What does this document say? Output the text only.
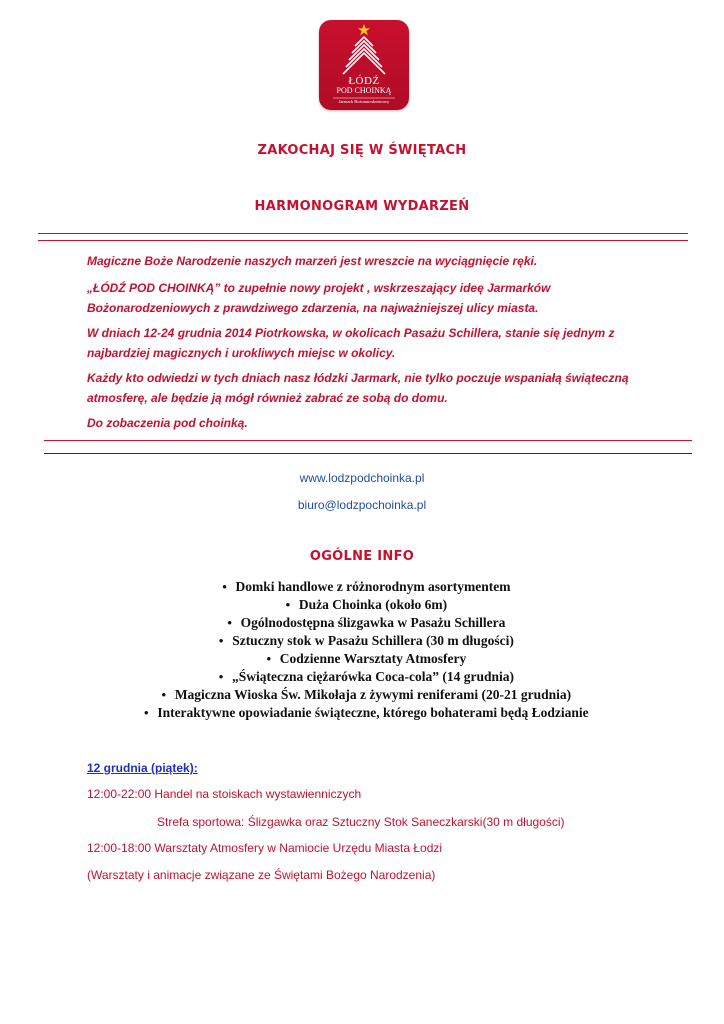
ŁÓDŹ
POD CHOINKĄ
Jarmark Bożonarodzeniowy
ZAKOCHAJ SIĘ W ŚWIĘTACH
HARMONOGRAM WYDARZEŃ

Magiczne Boże Narodzenie naszych marzeń jest wreszcie na wyciągnięcie ręki.

„ŁÓDŹ POD CHOINKĄ” to zupełnie nowy projekt , wskrzeszający ideę Jarmarków Bożonarodzeniowych z prawdziwego zdarzenia, na najważniejszej ulicy miasta.

W dniach 12-24 grudnia 2014 Piotrkowska, w okolicach Pasażu Schillera, stanie się jednym z najbardziej magicznych i urokliwych miejsc w okolicy.

Każdy kto odwiedzi w tych dniach nasz łódzki Jarmark, nie tylko poczuje wspaniałą świąteczną atmosferę, ale będzie ją mógł również zabrać ze sobą do domu.

Do zobaczenia pod choinką.

www.lodzpodchoinka.pl
biuro@lodzpochoinka.pl
OGÓLNE INFO
• Domki handlowe z różnorodnym asortymentem
• Duża Choinka (około 6m)
• Ogólnodostępna ślizgawka w Pasażu Schillera
• Sztuczny stok w Pasażu Schillera (30 m długości)
• Codzienne Warsztaty Atmosfery
• „Świąteczna ciężarówka Coca-cola” (14 grudnia)
• Magiczna Wioska Św. Mikołaja z żywymi reniferami (20-21 grudnia)
• Interaktywne opowiadanie świąteczne, którego bohaterami będą Łodzianie
12 grudnia (piątek):
12:00-22:00 Handel na stoiskach wystawienniczych
Strefa sportowa: Ślizgawka oraz Sztuczny Stok Saneczkarski(30 m długości)
12:00-18:00 Warsztaty Atmosfery w Namiocie Urzędu Miasta Łodzi
(Warsztaty i animacje związane ze Świętami Bożego Narodzenia)
